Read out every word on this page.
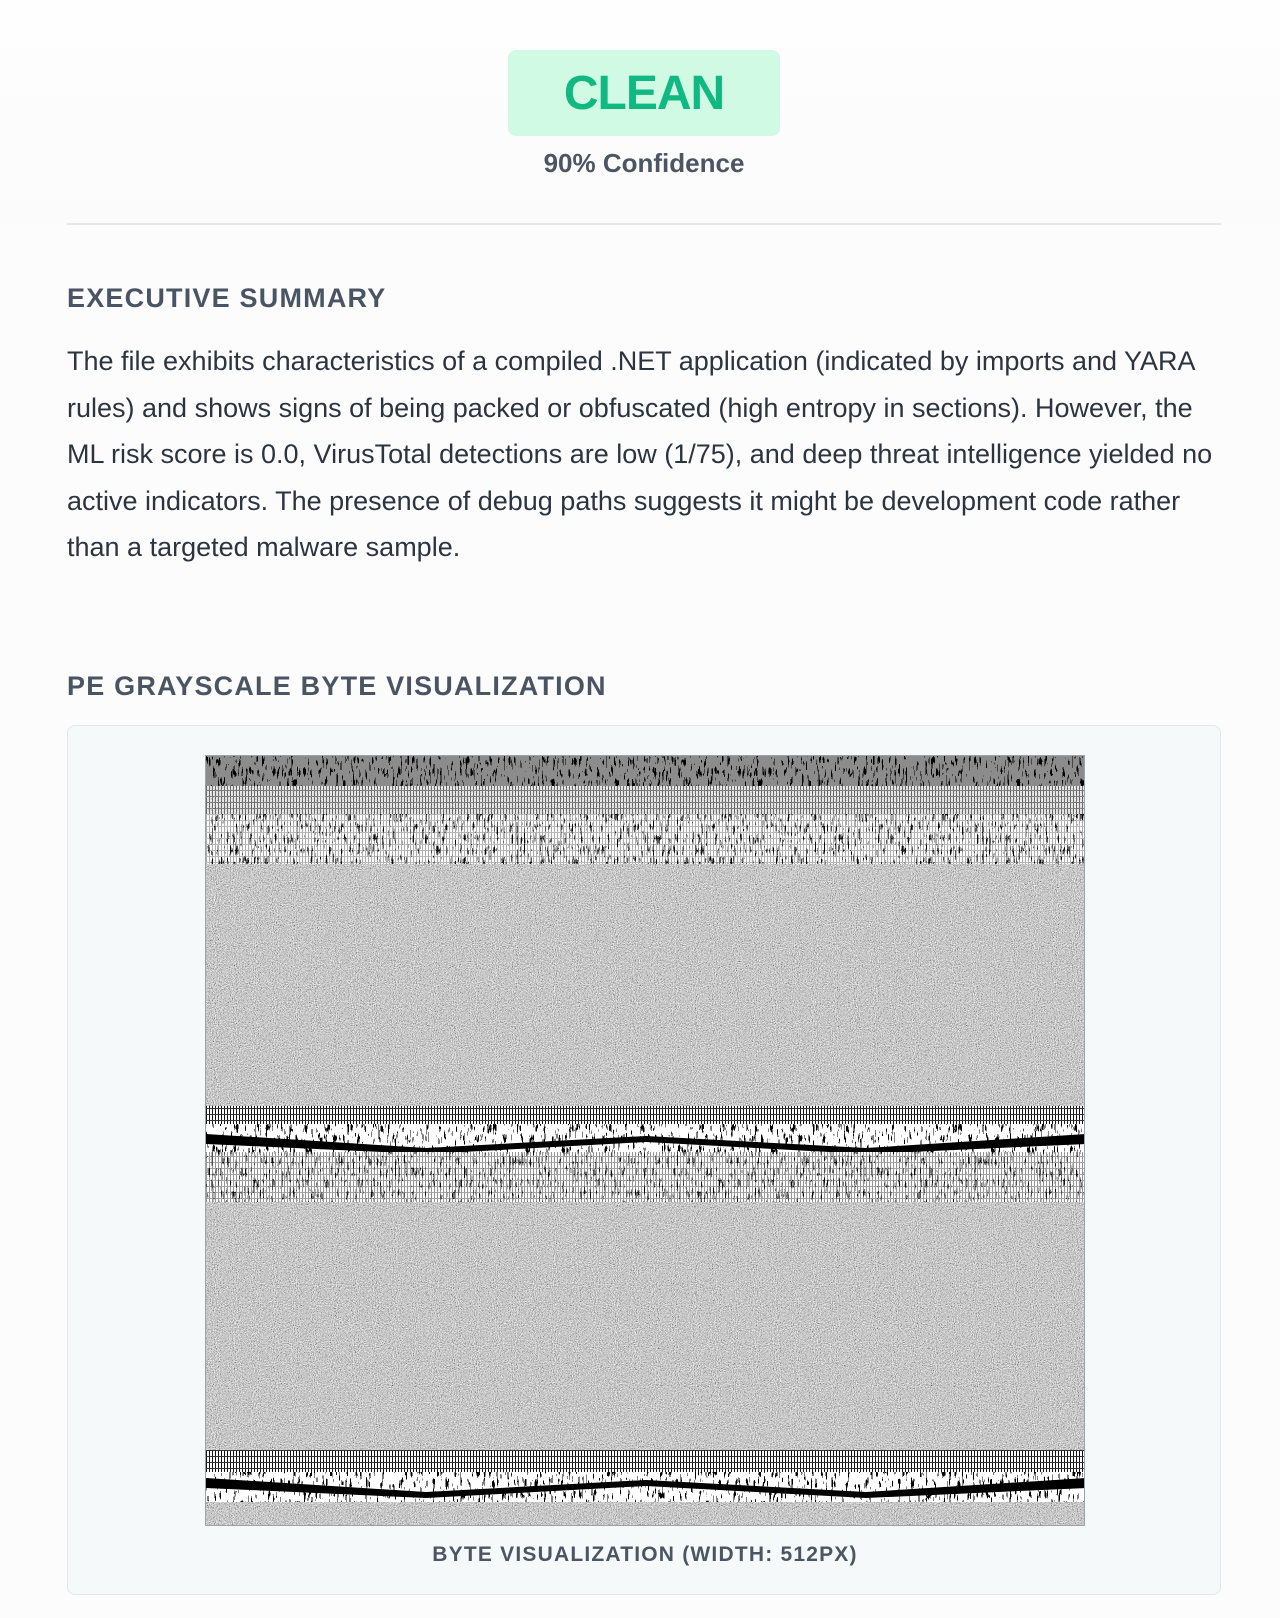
CLEAN
90% Confidence
EXECUTIVE SUMMARY

The file exhibits characteristics of a compiled .NET application (indicated by imports and YARA rules) and shows signs of being packed or obfuscated (high entropy in sections). However, the ML risk score is 0.0, VirusTotal detections are low (1/75), and deep threat intelligence yielded no active indicators. The presence of debug paths suggests it might be development code rather than a targeted malware sample.

PE GRAYSCALE BYTE VISUALIZATION
BYTE VISUALIZATION (WIDTH: 512PX)
